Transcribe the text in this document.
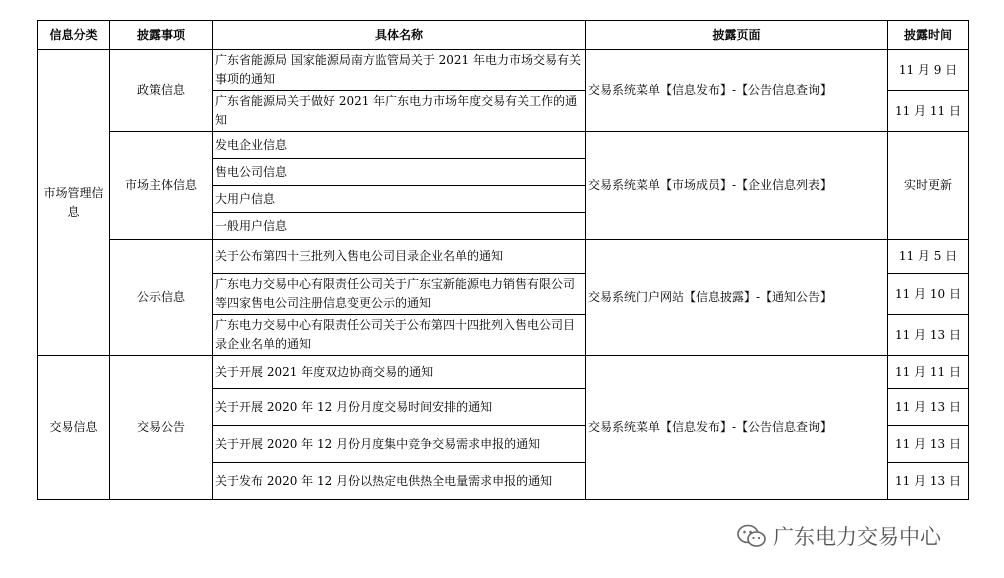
信息分类	披露事项	具体名称	披露页面	披露时间
市场管理信息	政策信息	广东省能源局 国家能源局南方监管局关于 2021 年电力市场交易有关事项的通知	交易系统菜单【信息发布】-【公告信息查询】	11 月 9 日
		广东省能源局关于做好 2021 年广东电力市场年度交易有关工作的通知		11 月 11 日
	市场主体信息	发电企业信息	交易系统菜单【市场成员】-【企业信息列表】	实时更新
		售电公司信息		
		大用户信息		
		一般用户信息		
	公示信息	关于公布第四十三批列入售电公司目录企业名单的通知	交易系统门户网站【信息披露】-【通知公告】	11 月 5 日
		广东电力交易中心有限责任公司关于广东宝新能源电力销售有限公司等四家售电公司注册信息变更公示的通知		11 月 10 日
		广东电力交易中心有限责任公司关于公布第四十四批列入售电公司目录企业名单的通知		11 月 13 日
交易信息	交易公告	关于开展 2021 年度双边协商交易的通知	交易系统菜单【信息发布】-【公告信息查询】	11 月 11 日
		关于开展 2020 年 12 月份月度交易时间安排的通知		11 月 13 日
		关于开展 2020 年 12 月份月度集中竞争交易需求申报的通知		11 月 13 日
		关于发布 2020 年 12 月份以热定电供热全电量需求申报的通知		11 月 13 日
广东电力交易中心
